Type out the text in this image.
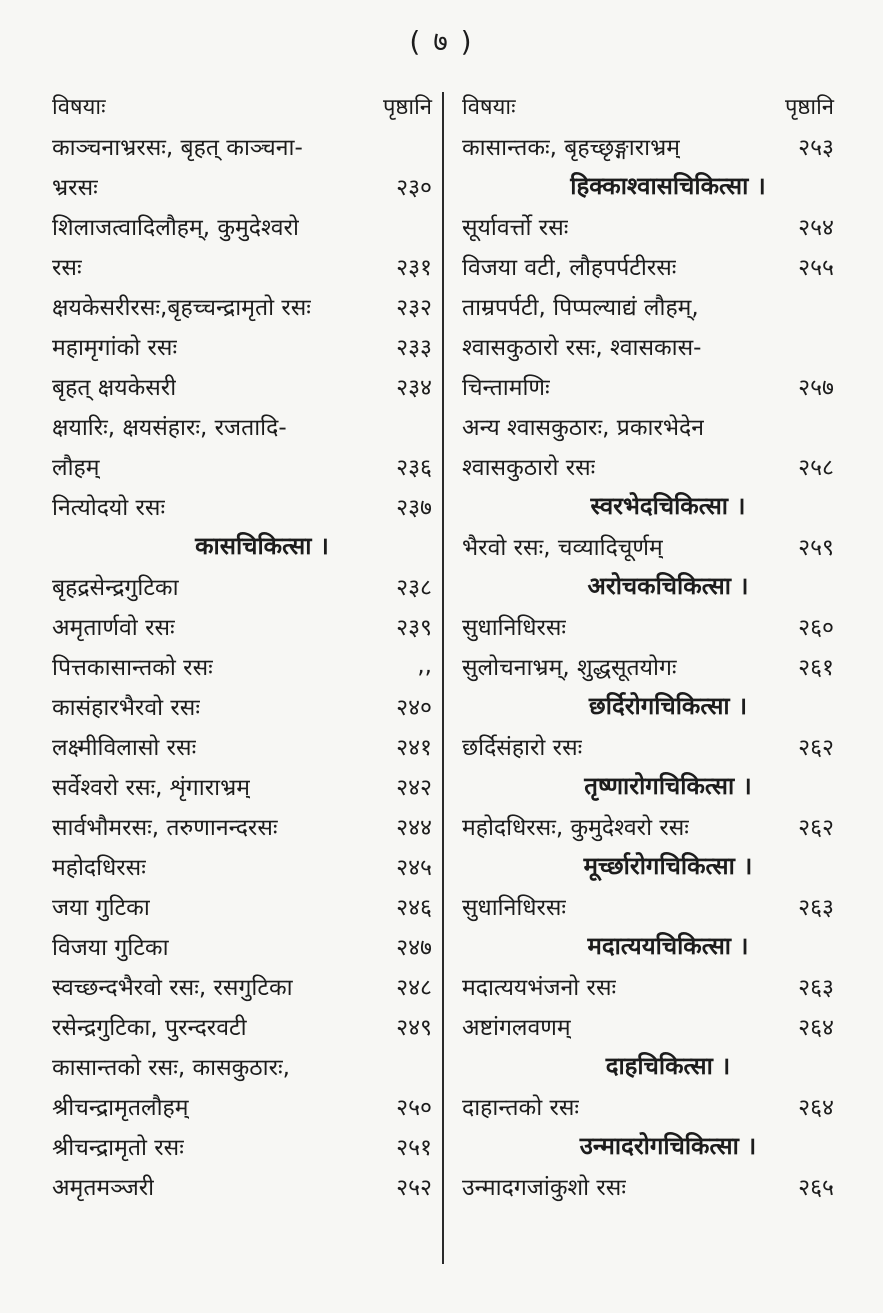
( ७ )
विषयाः	पृष्ठानि
काञ्चनाभ्ररसः, बृहत् काञ्चना-
भ्ररसः	२३०
शिलाजत्वादिलौहम्, कुमुदेश्वरो
रसः	२३१
क्षयकेसरीरसः,बृहच्चन्द्रामृतो रसः	२३२
महामृगांको रसः	२३३
बृहत् क्षयकेसरी	२३४
क्षयारिः, क्षयसंहारः, रजतादि-
लौहम्	२३६
नित्योदयो रसः	२३७
कासचिकित्सा ।
बृहद्रसेन्द्रगुटिका	२३८
अमृतार्णवो रसः	२३९
पित्तकासान्तको रसः	,,
कासंहारभैरवो रसः	२४०
लक्ष्मीविलासो रसः	२४१
सर्वेश्वरो रसः, शृंगाराभ्रम्	२४२
सार्वभौमरसः, तरुणानन्दरसः	२४४
महोदधिरसः	२४५
जया गुटिका	२४६
विजया गुटिका	२४७
स्वच्छन्दभैरवो रसः, रसगुटिका	२४८
रसेन्द्रगुटिका, पुरन्दरवटी	२४९
कासान्तको रसः, कासकुठारः,
श्रीचन्द्रामृतलौहम्	२५०
श्रीचन्द्रामृतो रसः	२५१
अमृतमञ्जरी	२५२
विषयाः	पृष्ठानि
कासान्तकः, बृहच्छृङ्गाराभ्रम्	२५३
हिक्काश्वासचिकित्सा ।
सूर्यावर्त्तो रसः	२५४
विजया वटी, लौहपर्पटीरसः	२५५
ताम्रपर्पटी, पिप्पल्याद्यं लौहम्,
श्वासकुठारो रसः, श्वासकास-
चिन्तामणिः	२५७
अन्य श्वासकुठारः, प्रकारभेदेन
श्वासकुठारो रसः	२५८
स्वरभेदचिकित्सा ।
भैरवो रसः, चव्यादिचूर्णम्	२५९
अरोचकचिकित्सा ।
सुधानिधिरसः	२६०
सुलोचनाभ्रम्, शुद्धसूतयोगः	२६१
छर्दिरोगचिकित्सा ।
छर्दिसंहारो रसः	२६२
तृष्णारोगचिकित्सा ।
महोदधिरसः, कुमुदेश्वरो रसः	२६२
मूर्च्छारोगचिकित्सा ।
सुधानिधिरसः	२६३
मदात्ययचिकित्सा ।
मदात्ययभंजनो रसः	२६३
अष्टांगलवणम्	२६४
दाहचिकित्सा ।
दाहान्तको रसः	२६४
उन्मादरोगचिकित्सा ।
उन्मादगजांकुशो रसः	२६५
